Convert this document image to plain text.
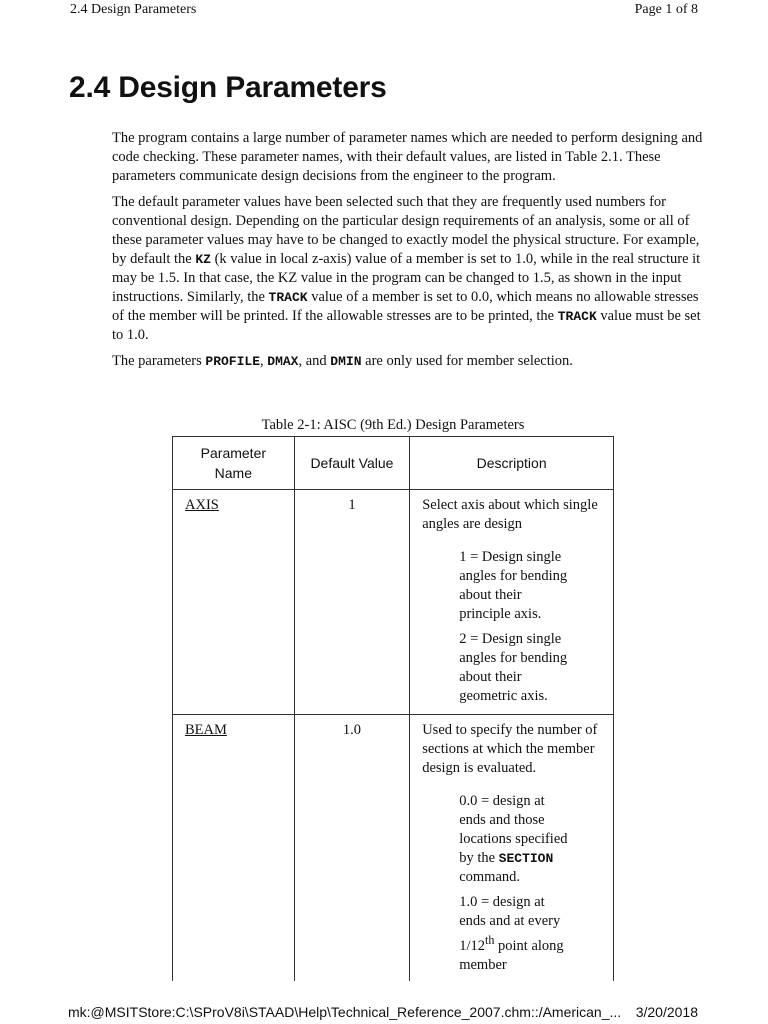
2.4 Design Parameters	Page 1 of 8
2.4 Design Parameters

The program contains a large number of parameter names which are needed to perform designing and code checking. These parameter names, with their default values, are listed in Table 2.1. These parameters communicate design decisions from the engineer to the program.

The default parameter values have been selected such that they are frequently used numbers for conventional design. Depending on the particular design requirements of an analysis, some or all of these parameter values may have to be changed to exactly model the physical structure. For example, by default the KZ (k value in local z-axis) value of a member is set to 1.0, while in the real structure it may be 1.5. In that case, the KZ value in the program can be changed to 1.5, as shown in the input instructions. Similarly, the TRACK value of a member is set to 0.0, which means no allowable stresses of the member will be printed. If the allowable stresses are to be printed, the TRACK value must be set to 1.0.

The parameters PROFILE, DMAX, and DMIN are only used for member selection.

Table 2-1: AISC (9th Ed.) Design Parameters
Parameter Name	Default Value	Description
AXIS	1	Select axis about which single angles are design
1 = Design single angles for bending about their principle axis.
2 = Design single angles for bending about their geometric axis.

BEAM	1.0	Used to specify the number of sections at which the member design is evaluated.
0.0 = design at ends and those locations specified by the SECTION command.
1.0 = design at ends and at every 1/12th point along member
mk:@MSITStore:C:\SProV8i\STAAD\Help\Technical_Reference_2007.chm::/American_... 3/20/2018
